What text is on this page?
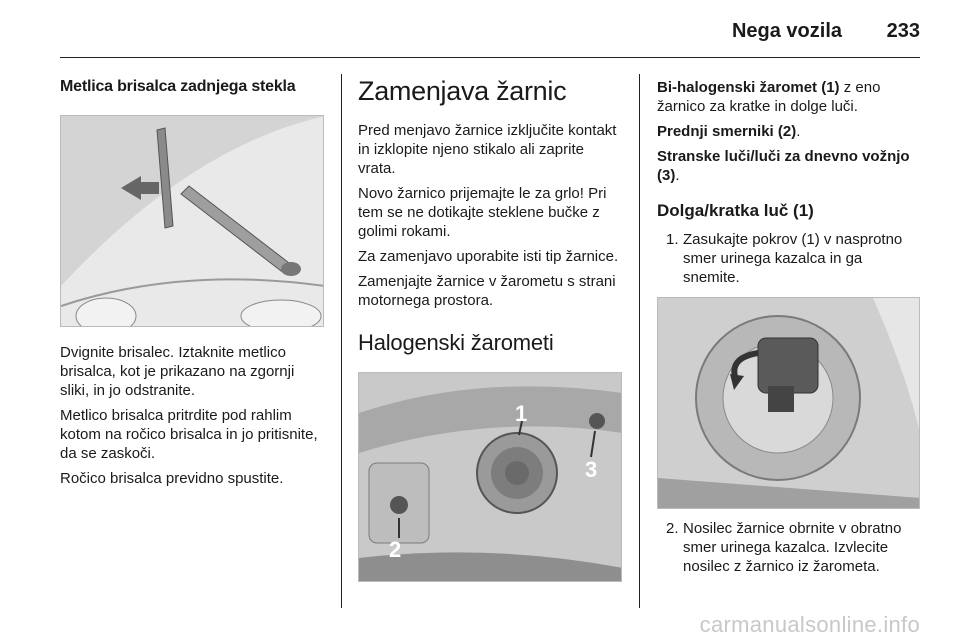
Nega vozila 233
Metlica brisalca zadnjega stekla

Dvignite brisalec. Iztaknite metlico brisalca, kot je prikazano na zgornji sliki, in jo odstranite.

Metlico brisalca pritrdite pod rahlim kotom na ročico brisalca in jo pritisnite, da se zaskoči.

Ročico brisalca previdno spustite.

Zamenjava žarnic

Pred menjavo žarnice izključite kontakt in izklopite njeno stikalo ali zaprite vrata.

Novo žarnico prijemajte le za grlo! Pri tem se ne dotikajte steklene bučke z golimi rokami.

Za zamenjavo uporabite isti tip žarnice.

Zamenjajte žarnice v žarometu s strani motornega prostora.

Halogenski žarometi
1
2
3

Bi-halogenski žaromet (1) z eno žarnico za kratke in dolge luči.

Prednji smerniki (2).

Stranske luči/luči za dnevno vožnjo (3).

Dolga/kratka luč (1)
1. Zasukajte pokrov (1) v nasprotno smer urinega kazalca in ga snemite.
2. Nosilec žarnice obrnite v obratno smer urinega kazalca. Izvlecite nosilec z žarnico iz žarometa.
carmanualsonline.info
